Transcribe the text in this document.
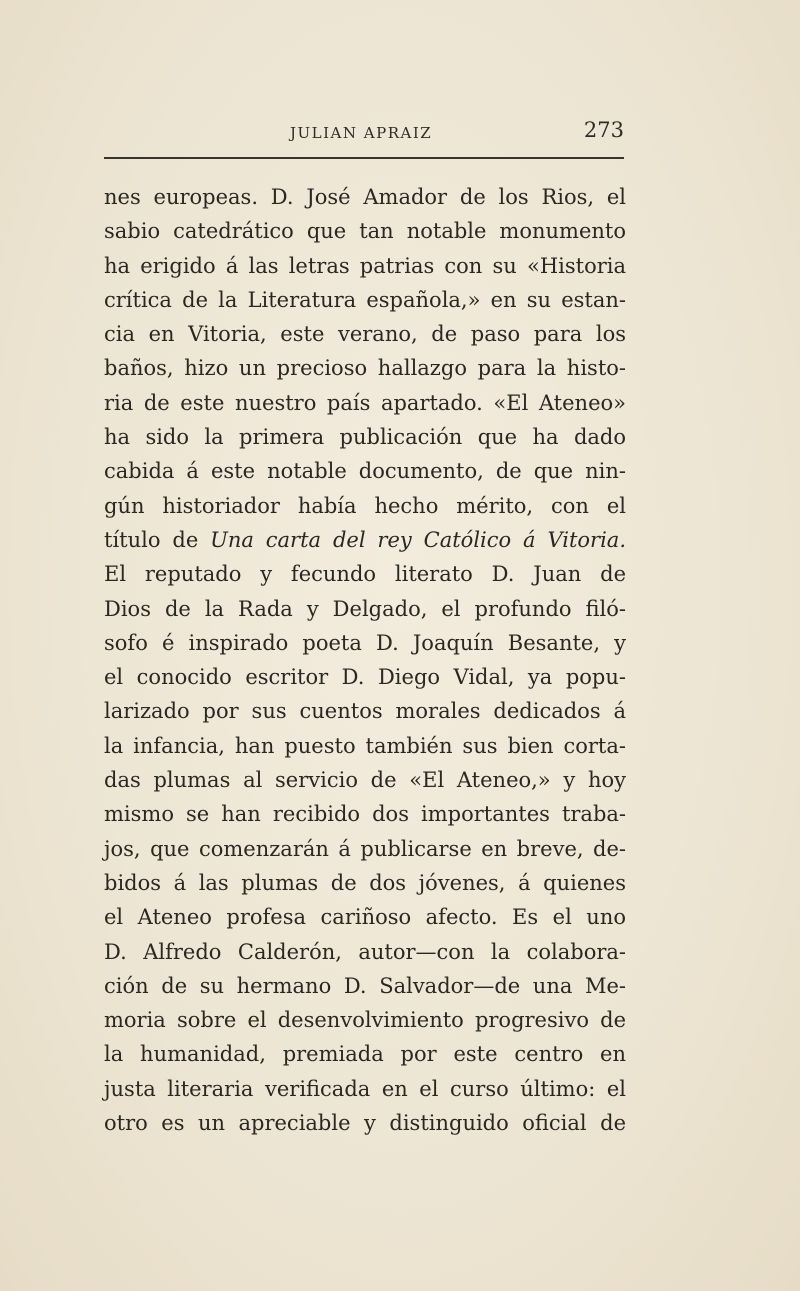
JULIAN APRAIZ	273
nes europeas. D. José Amador de los Rios, el
sabio catedrático que tan notable monumento
ha erigido á las letras patrias con su «Historia
crítica de la Literatura española,» en su estan-
cia en Vitoria, este verano, de paso para los
baños, hizo un precioso hallazgo para la histo-
ria de este nuestro país apartado. «El Ateneo»
ha sido la primera publicación que ha dado
cabida á este notable documento, de que nin-
gún historiador había hecho mérito, con el
título de Una carta del rey Católico á Vitoria.
El reputado y fecundo literato D. Juan de
Dios de la Rada y Delgado, el profundo filó-
sofo é inspirado poeta D. Joaquín Besante, y
el conocido escritor D. Diego Vidal, ya popu-
larizado por sus cuentos morales dedicados á
la infancia, han puesto también sus bien corta-
das plumas al servicio de «El Ateneo,» y hoy
mismo se han recibido dos importantes traba-
jos, que comenzarán á publicarse en breve, de-
bidos á las plumas de dos jóvenes, á quienes
el Ateneo profesa cariñoso afecto. Es el uno
D. Alfredo Calderón, autor—con la colabora-
ción de su hermano D. Salvador—de una Me-
moria sobre el desenvolvimiento progresivo de
la humanidad, premiada por este centro en
justa literaria verificada en el curso último: el
otro es un apreciable y distinguido oficial de
